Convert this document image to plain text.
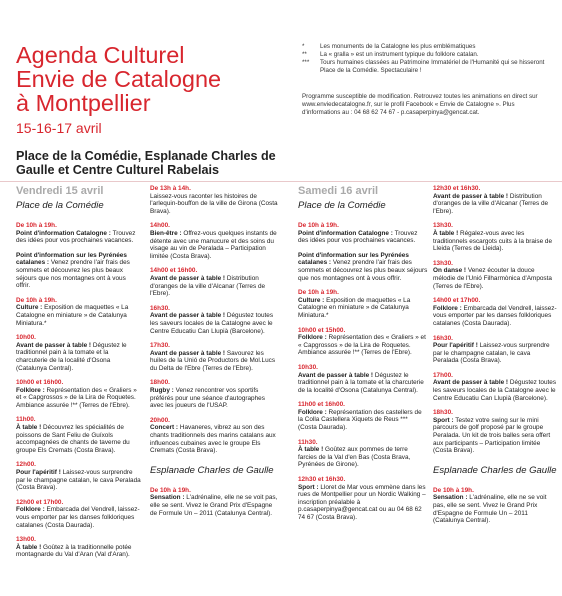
Agenda Culturel
Envie de Catalogne
à Montpellier
15-16-17 avril
Place de la Comédie, Esplanade Charles de Gaulle et Centre Culturel Rabelais
*	Les monuments de la Catalogne les plus emblématiques
**	La « gralla » est un instrument typique du folklore catalan.
***	Tours humaines classées au Patrimoine Immatériel de l'Humanité qui se hisseront Place de la Comédie. Spectaculaire !
Programme susceptible de modification. Retrouvez toutes les animations en direct sur www.enviedecatalogne.fr, sur le profil Facebook « Envie de Catalogne ». Plus d'informations au : 04 68 62 74 67 - p.casaperpinya@gencat.cat.
Vendredi 15 avril
Place de la Comédie
De 10h à 19h.
Point d'information Catalogne : Trouvez des idées pour vos prochaines vacances.
Point d'information sur les Pyrénées catalanes : Venez prendre l'air frais des sommets et découvrez les plus beaux séjours que nos montagnes ont à vous offrir.
De 10h à 19h.
Culture : Exposition de maquettes « La Catalogne en miniature » de Catalunya Miniatura.*
10h00.
Avant de passer à table ! Dégustez le traditionnel pain à la tomate et la charcuterie de la localité d'Osona (Catalunya Central).
10h00 et 16h00.
Folklore : Représentation des « Graliers » et « Capgrossos » de la Lira de Roquetes. Ambiance assurée !** (Terres de l'Ebre).
11h00.
À table ! Découvrez les spécialités de poissons de Sant Feliu de Guíxols accompagnées de chants de taverne du groupe Els Cremats (Costa Brava).
12h00.
Pour l'apéritif ! Laissez-vous surprendre par le champagne catalan, le cava Peralada (Costa Brava).
12h00 et 17h00.
Folklore : Embarcada del Vendrell, laissez-vous emporter par les danses folkloriques catalanes (Costa Daurada).
13h00.
À table ! Goûtez à la traditionnelle potée montagnarde du Val d'Aran (Val d'Aran).
De 13h à 14h.
Laissez-vous raconter les histoires de l'arlequin-bouffon de la ville de Girona (Costa Brava).
14h00.
Bien-être : Offrez-vous quelques instants de détente avec une manucure et des soins du visage au vin de Peralada – Participation limitée (Costa Brava).
14h00 et 16h00.
Avant de passer à table ! Distribution d'oranges de la ville d'Alcanar (Terres de l'Ebre).
16h30.
Avant de passer à table ! Dégustez toutes les saveurs locales de la Catalogne avec le Centre Educatiu Can Llupià (Barcelone).
17h30.
Avant de passer à table ! Savourez les huiles de la Unió de Productors de Mol.Lucs du Delta de l'Ebre (Terres de l'Ebre).
18h00.
Rugby : Venez rencontrer vos sportifs préférés pour une séance d'autographes avec les joueurs de l'USAP.
20h00.
Concert : Havaneres, vibrez au son des chants traditionnels des marins catalans aux influences cubaines avec le groupe Els Cremats (Costa Brava).
Esplanade Charles de Gaulle
De 10h à 19h.
Sensation : L'adrénaline, elle ne se voit pas, elle se sent. Vivez le Grand Prix d'Espagne de Formule Un – 2011 (Catalunya Central).
Samedi 16 avril
Place de la Comédie
De 10h à 19h.
Point d'information Catalogne : Trouvez des idées pour vos prochaines vacances.
Point d'information sur les Pyrénées catalanes : Venez prendre l'air frais des sommets et découvrez les plus beaux séjours que nos montagnes ont à vous offrir.
De 10h à 19h.
Culture : Exposition de maquettes « La Catalogne en miniature » de Catalunya Miniatura.*
10h00 et 15h00.
Folklore : Représentation des « Graliers » et « Capgrossos » de la Lira de Roquetes. Ambiance assurée !** (Terres de l'Ebre).
10h30.
Avant de passer à table ! Dégustez le traditionnel pain à la tomate et la charcuterie de la localité d'Osona (Catalunya Central).
11h00 et 16h00.
Folklore : Représentation des castellers de la Colla Castellera Xiquets de Reus *** (Costa Daurada).
11h30.
À table ! Goûtez aux pommes de terre farcies de la Val d'en Bas (Costa Brava, Pyrénées de Girone).
12h30 et 16h30.
Sport : Lloret de Mar vous emmène dans les rues de Montpellier pour un Nordic Walking – inscription préalable à p.casaperpinya@gencat.cat ou au 04 68 62 74 67 (Costa Brava).
12h30 et 16h30.
Avant de passer à table ! Distribution d'oranges de la ville d'Alcanar (Terres de l'Ebre).
13h30.
À table ! Régalez-vous avec les traditionnels escargots cuits à la braise de Lleida (Terres de Lleida).
13h30.
On danse ! Venez écouter la douce mélodie de l'Unió Filharmònica d'Amposta (Terres de l'Ebre).
14h00 et 17h00.
Folklore : Embarcada del Vendrell, laissez-vous emporter par les danses folkloriques catalanes (Costa Daurada).
16h30.
Pour l'apéritif ! Laissez-vous surprendre par le champagne catalan, le cava Peralada (Costa Brava).
17h00.
Avant de passer à table ! Dégustez toutes les saveurs locales de la Catalogne avec le Centre Educatiu Can Llupià (Barcelone).
18h30.
Sport : Testez votre swing sur le mini parcours de golf proposé par le groupe Peralada. Un kit de trois balles sera offert aux participants – Participation limitée (Costa Brava).
Esplanade Charles de Gaulle
De 10h à 19h.
Sensation : L'adrénaline, elle ne se voit pas, elle se sent. Vivez le Grand Prix d'Espagne de Formule Un – 2011 (Catalunya Central).
